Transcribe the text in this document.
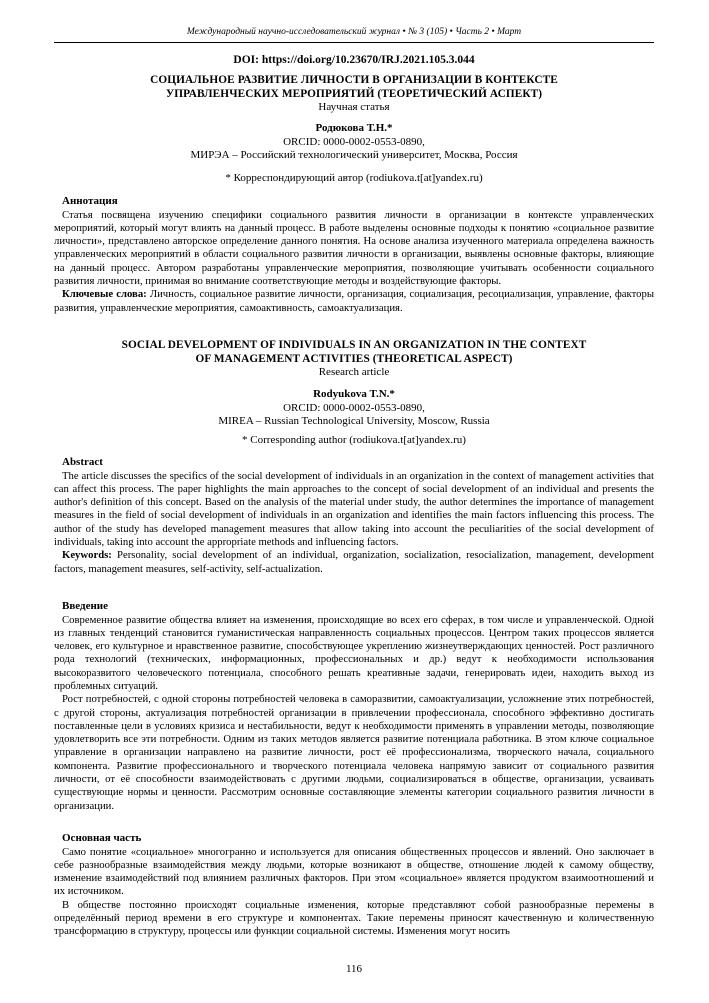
Международный научно-исследовательский журнал • № 3 (105) • Часть 2 • Март
DOI: https://doi.org/10.23670/IRJ.2021.105.3.044
СОЦИАЛЬНОЕ РАЗВИТИЕ ЛИЧНОСТИ В ОРГАНИЗАЦИИ В КОНТЕКСТЕ
УПРАВЛЕНЧЕСКИХ МЕРОПРИЯТИЙ (ТЕОРЕТИЧЕСКИЙ АСПЕКТ)
Научная статья
Родюкова Т.Н.*
ORCID: 0000-0002-0553-0890,
МИРЭА – Российский технологический университет, Москва, Россия
* Корреспондирующий автор (rodiukova.t[at]yandex.ru)
Аннотация

Статья посвящена изучению специфики социального развития личности в организации в контексте управленческих мероприятий, который могут влиять на данный процесс. В работе выделены основные подходы к понятию «социальное развитие личности», представлено авторское определение данного понятия. На основе анализа изученного материала определена важность управленческих мероприятий в области социального развития личности в организации, выявлены основные факторы, влияющие на данный процесс. Автором разработаны управленческие мероприятия, позволяющие учитывать особенности социального развития личности, принимая во внимание соответствующие методы и воздействующие факторы.

Ключевые слова: Личность, социальное развитие личности, организация, социализация, ресоциализация, управление, факторы развития, управленческие мероприятия, самоактивность, самоактуализация.

SOCIAL DEVELOPMENT OF INDIVIDUALS IN AN ORGANIZATION IN THE CONTEXT
OF MANAGEMENT ACTIVITIES (THEORETICAL ASPECT)
Research article
Rodyukova T.N.*
ORCID: 0000-0002-0553-0890,
MIREA – Russian Technological University, Moscow, Russia
* Corresponding author (rodiukova.t[at]yandex.ru)
Abstract

The article discusses the specifics of the social development of individuals in an organization in the context of management activities that can affect this process. The paper highlights the main approaches to the concept of social development of an individual and presents the author's definition of this concept. Based on the analysis of the material under study, the author determines the importance of management measures in the field of social development of individuals in an organization and identifies the main factors influencing this process. The author of the study has developed management measures that allow taking into account the peculiarities of the social development of individuals, taking into account the appropriate methods and influencing factors.

Keywords: Personality, social development of an individual, organization, socialization, resocialization, management, development factors, management measures, self-activity, self-actualization.

Введение

Современное развитие общества влияет на изменения, происходящие во всех его сферах, в том числе и управленческой. Одной из главных тенденций становится гуманистическая направленность социальных процессов. Центром таких процессов является человек, его культурное и нравственное развитие, способствующее укреплению жизнеутверждающих ценностей. Рост различного рода технологий (технических, информационных, профессиональных и др.) ведут к необходимости использования высокоразвитого человеческого потенциала, способного решать креативные задачи, генерировать идеи, находить выход из проблемных ситуаций.

Рост потребностей, с одной стороны потребностей человека в саморазвитии, самоактуализации, усложнение этих потребностей, с другой стороны, актуализация потребностей организации в привлечении профессионала, способного эффективно достигать поставленные цели в условиях кризиса и нестабильности, ведут к необходимости применять в управлении методы, позволяющие удовлетворить все эти потребности. Одним из таких методов является развитие потенциала работника. В этом ключе социальное управление в организации направлено на развитие личности, рост её профессионализма, творческого начала, социального компонента. Развитие профессионального и творческого потенциала человека напрямую зависит от социального развития личности, от её способности взаимодействовать с другими людьми, социализироваться в обществе, организации, усваивать существующие нормы и ценности. Рассмотрим основные составляющие элементы категории социального развития личности в организации.

Основная часть

Само понятие «социальное» многогранно и используется для описания общественных процессов и явлений. Оно заключает в себе разнообразные взаимодействия между людьми, которые возникают в обществе, отношение людей к самому обществу, изменение взаимодействий под влиянием различных факторов. При этом «социальное» является продуктом взаимоотношений и их источником.

В обществе постоянно происходят социальные изменения, которые представляют собой разнообразные перемены в определённый период времени в его структуре и компонентах. Такие перемены приносят качественную и количественную трансформацию в структуру, процессы или функции социальной системы. Изменения могут носить

116
